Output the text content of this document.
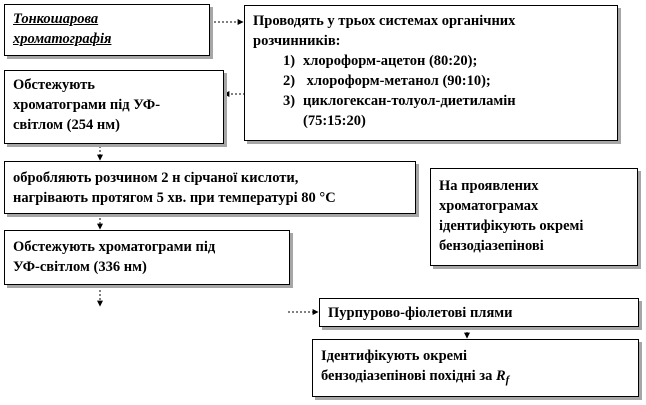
Тонкошарова
хроматографія
Проводять у трьох системах органічних
розчинників:
1) хлороформ-ацетон (80:20);
2) хлороформ-метанол (90:10);
3) циклогексан-толуол-диетиламін
(75:15:20)
Обстежують
хроматограми під УФ-
світлом (254 нм)
обробляють розчином 2 н сірчаної кислоти,
нагрівають протягом 5 хв. при температурі 80 °С
Обстежують хроматограми під
УФ-світлом (336 нм)
На проявлених
хроматограмах
ідентифікують окремі
бензодіазепінові
Пурпурово-фіолетові плями
Ідентифікують окремі
бензодіазепінові похідні за $R_f$
